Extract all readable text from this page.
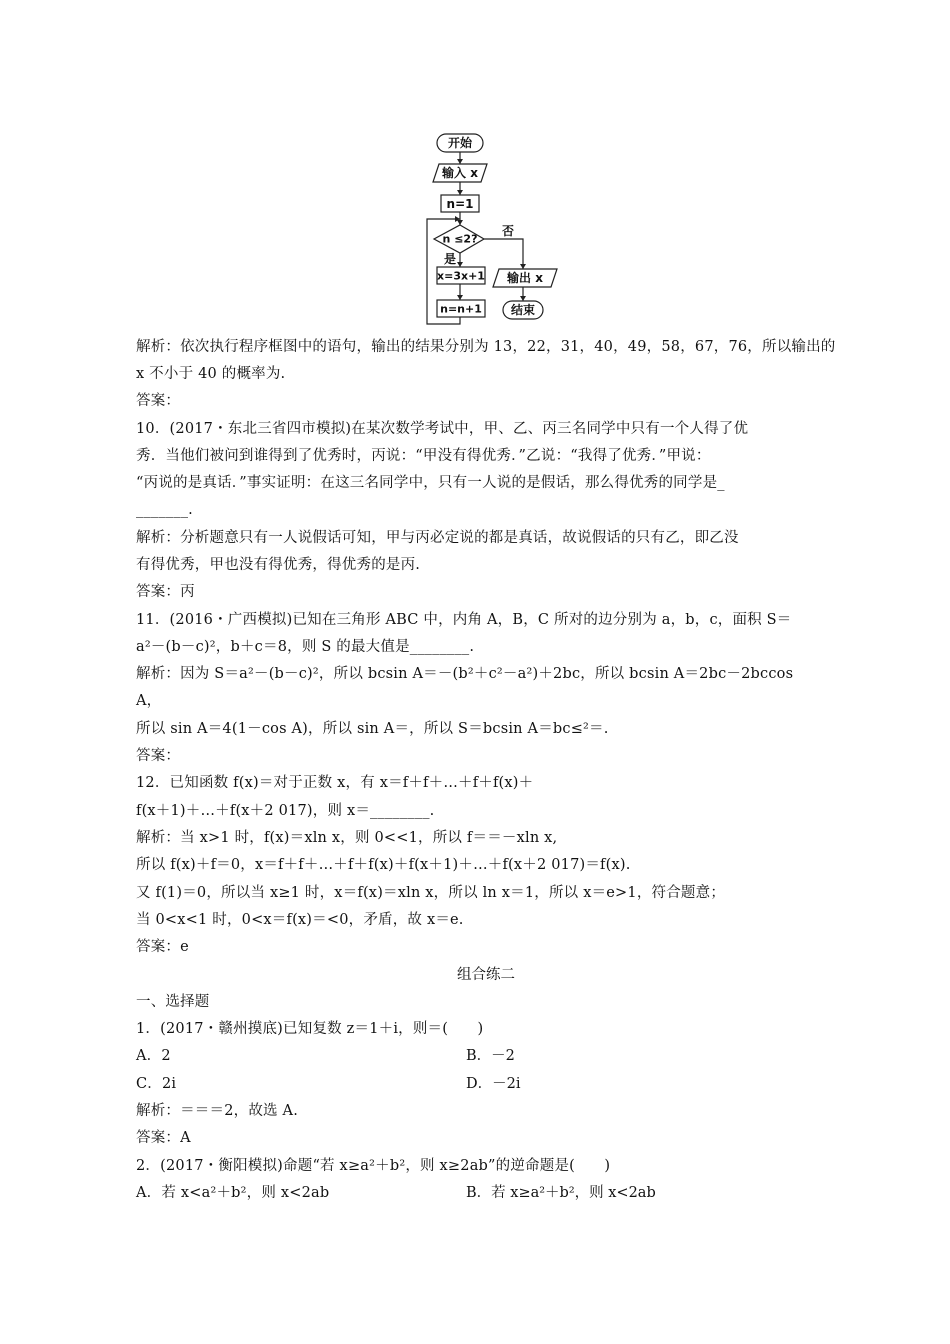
开始
输入 x
n=1
n ≤2?
否
是
x=3x+1
n=n+1
输出 x
结束
解析：依次执行程序框图中的语句，输出的结果分别为 13，22，31，40，49，58，67，76，所以输出的
x 不小于 40 的概率为.
答案：
10．(2017・东北三省四市模拟)在某次数学考试中，甲、乙、丙三名同学中只有一个人得了优
秀．当他们被问到谁得到了优秀时，丙说：“甲没有得优秀．”乙说：“我得了优秀．”甲说：
“丙说的是真话．”事实证明：在这三名同学中，只有一人说的是假话，那么得优秀的同学是_
_______.
解析：分析题意只有一人说假话可知，甲与丙必定说的都是真话，故说假话的只有乙，即乙没
有得优秀，甲也没有得优秀，得优秀的是丙.
答案：丙
11．(2016・广西模拟)已知在三角形 ABC 中，内角 A，B，C 所对的边分别为 a，b，c，面积 S＝
a²－(b－c)²，b＋c＝8，则 S 的最大值是________.
解析：因为 S＝a²－(b－c)²，所以 bcsin A＝－(b²＋c²－a²)＋2bc，所以 bcsin A＝2bc－2bccos
A，
所以 sin A＝4(1－cos A)，所以 sin A＝，所以 S＝bcsin A＝bc≤²＝.
答案：
12．已知函数 f(x)＝对于正数 x，有 x＝f＋f＋…＋f＋f(x)＋
f(x＋1)＋…＋f(x＋2 017)，则 x＝________.
解析：当 x>1 时，f(x)＝xln x，则 0<<1，所以 f＝＝－xln x,
所以 f(x)＋f＝0，x＝f＋f＋…＋f＋f(x)＋f(x＋1)＋…＋f(x＋2 017)＝f(x).
又 f(1)＝0，所以当 x≥1 时，x＝f(x)＝xln x，所以 ln x＝1，所以 x＝e>1，符合题意；
当 0<x<1 时，0<x＝f(x)＝<0，矛盾，故 x＝e.
答案：e
组合练二
一、选择题
1．(2017・赣州摸底)已知复数 z＝1＋i，则＝(　　)
A．2
C．2i
解析：＝＝＝2，故选 A.
答案：A
2．(2017・衡阳模拟)命题“若 x≥a²＋b²，则 x≥2ab”的逆命题是(　　)
A．若 x<a²＋b²，则 x<2ab
B．－2
D．－2i
B．若 x≥a²＋b²，则 x<2ab
